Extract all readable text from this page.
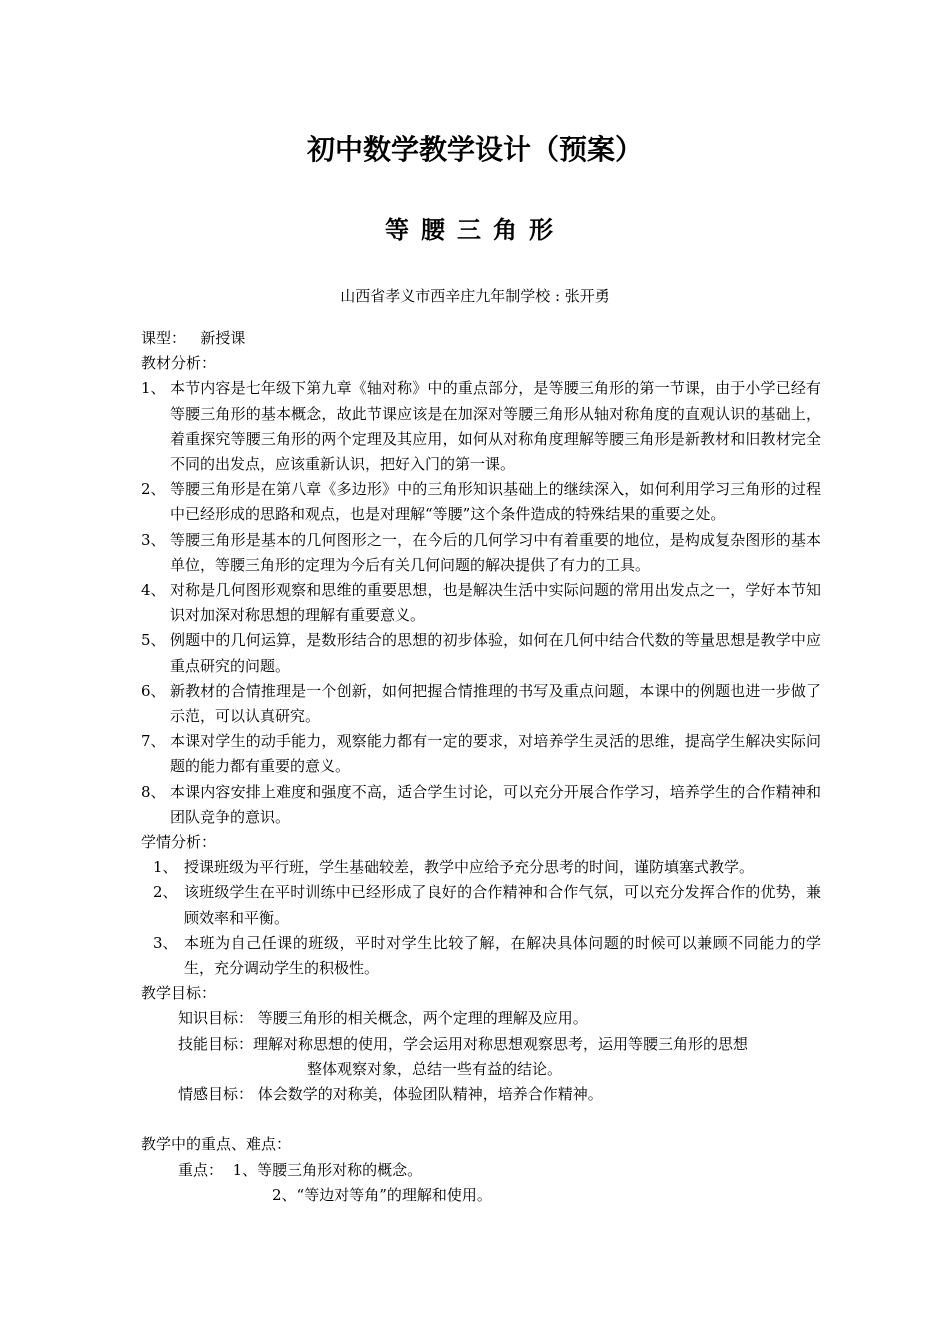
初中数学教学设计（预案）
等腰三角形
山西省孝义市西辛庄九年制学校 : 张开勇
课型： 新授课
教材分析：
1、 本节内容是七年级下第九章《轴对称》中的重点部分，是等腰三角形的第一节课，由于小学已经有等腰三角形的基本概念，故此节课应该是在加深对等腰三角形从轴对称角度的直观认识的基础上，着重探究等腰三角形的两个定理及其应用，如何从对称角度理解等腰三角形是新教材和旧教材完全不同的出发点，应该重新认识，把好入门的第一课。
2、 等腰三角形是在第八章《多边形》中的三角形知识基础上的继续深入，如何利用学习三角形的过程中已经形成的思路和观点，也是对理解“等腰”这个条件造成的特殊结果的重要之处。
3、 等腰三角形是基本的几何图形之一，在今后的几何学习中有着重要的地位，是构成复杂图形的基本单位，等腰三角形的定理为今后有关几何问题的解决提供了有力的工具。
4、 对称是几何图形观察和思维的重要思想，也是解决生活中实际问题的常用出发点之一，学好本节知识对加深对称思想的理解有重要意义。
5、 例题中的几何运算，是数形结合的思想的初步体验，如何在几何中结合代数的等量思想是教学中应重点研究的问题。
6、 新教材的合情推理是一个创新，如何把握合情推理的书写及重点问题，本课中的例题也进一步做了示范，可以认真研究。
7、 本课对学生的动手能力，观察能力都有一定的要求，对培养学生灵活的思维，提高学生解决实际问题的能力都有重要的意义。
8、 本课内容安排上难度和强度不高，适合学生讨论，可以充分开展合作学习，培养学生的合作精神和团队竞争的意识。
学情分析：
1、 授课班级为平行班，学生基础较差，教学中应给予充分思考的时间，谨防填塞式教学。
2、 该班级学生在平时训练中已经形成了良好的合作精神和合作气氛，可以充分发挥合作的优势，兼顾效率和平衡。
3、 本班为自己任课的班级，平时对学生比较了解，在解决具体问题的时候可以兼顾不同能力的学生，充分调动学生的积极性。
教学目标：
知识目标：
等腰三角形的相关概念，两个定理的理解及应用。
技能目标： 理解对称思想的使用，学会运用对称思想观察思考，运用等腰三角形的思想
整体观察对象，总结一些有益的结论。
情感目标：
体会数学的对称美，体验团队精神，培养合作精神。
教学中的重点、难点：
重点： 1、等腰三角形对称的概念。
2、“等边对等角”的理解和使用。
